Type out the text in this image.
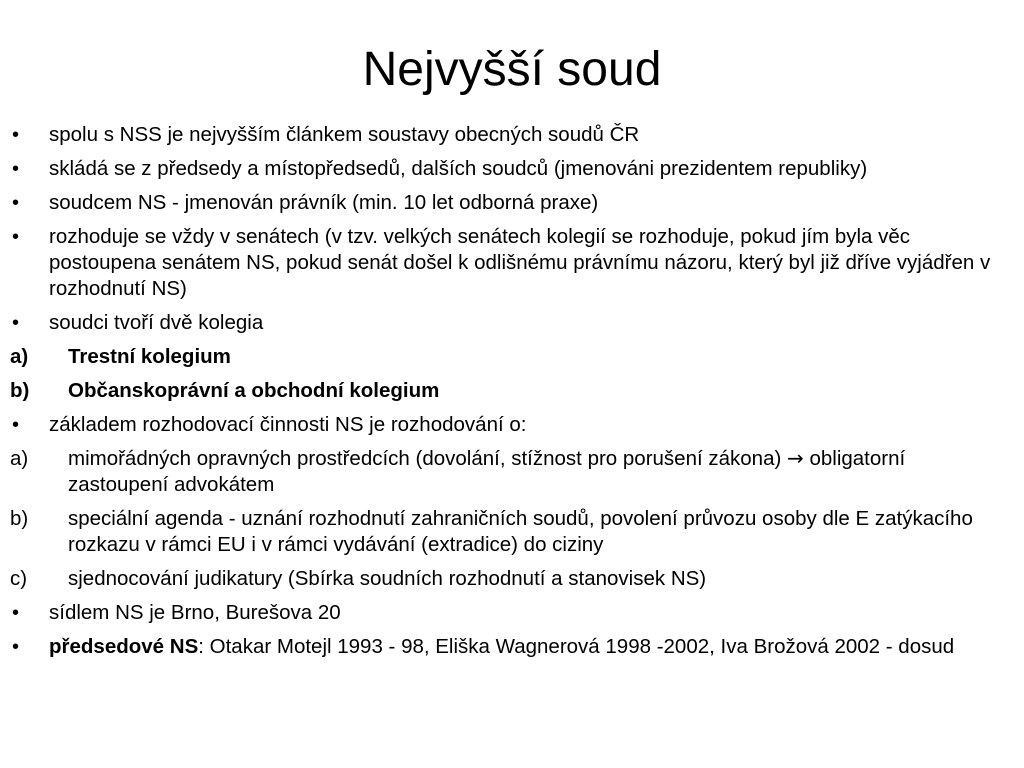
Nejvyšší soud
•	spolu s NSS je nejvyšším článkem soustavy obecných soudů ČR
•	skládá se z předsedy a místopředsedů, dalších soudců (jmenováni prezidentem republiky)
•	soudcem NS - jmenován právník (min. 10 let odborná praxe)
•	rozhoduje se vždy v senátech (v tzv. velkých senátech kolegií se rozhoduje, pokud jím byla věc postoupena senátem NS, pokud senát došel k odlišnému právnímu názoru, který byl již dříve vyjádřen v rozhodnutí NS)
•	soudci tvoří dvě kolegia
a)	Trestní kolegium
b)	Občanskoprávní a obchodní kolegium
•	základem rozhodovací činnosti NS je rozhodování o:
a)	mimořádných opravných prostředcích (dovolání, stížnost pro porušení zákona) → obligatorní zastoupení advokátem
b)	speciální agenda - uznání rozhodnutí zahraničních soudů, povolení průvozu osoby dle E zatýkacího rozkazu v rámci EU i v rámci vydávání (extradice) do ciziny
c)	sjednocování judikatury (Sbírka soudních rozhodnutí a stanovisek NS)
•	sídlem NS je Brno, Burešova 20
•	předsedové NS: Otakar Motejl 1993 - 98, Eliška Wagnerová 1998 -2002, Iva Brožová 2002 - dosud
